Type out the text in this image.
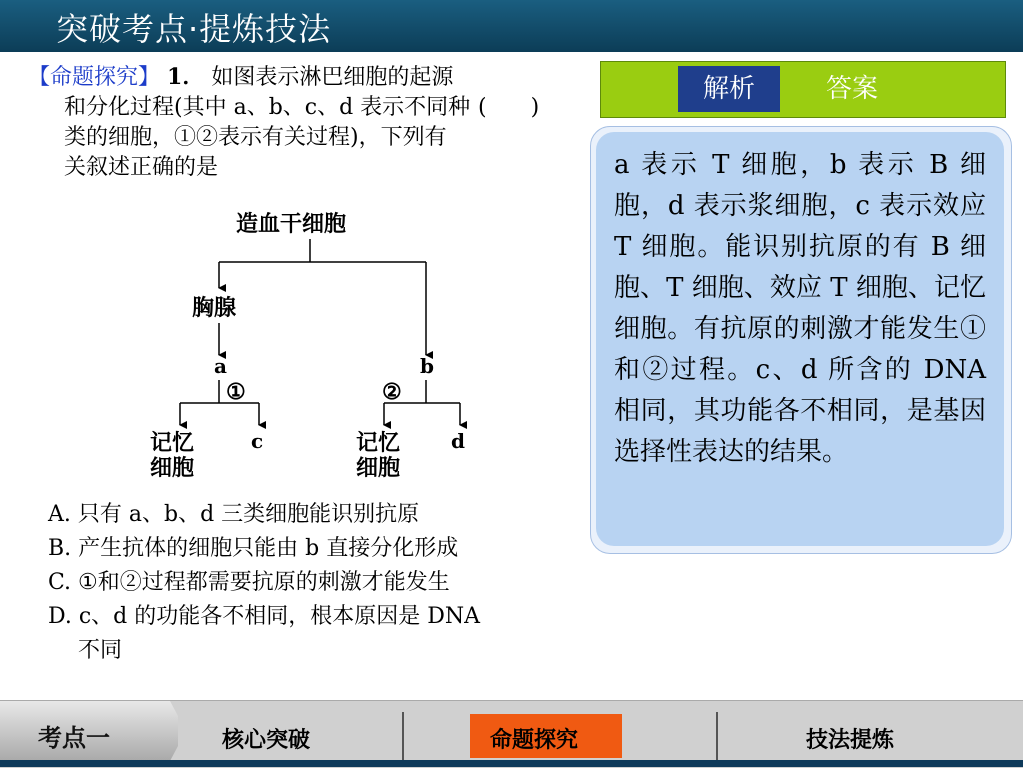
突破考点·提炼技法
【命题探究】 1． 如图表示淋巴细胞的起源
和分化过程(其中 a、b、c、d 表示不同种
类的细胞，①②表示有关过程)，下列有
关叙述正确的是
(　　)
造血干细胞
胸腺
a	b
①	②
记忆
细胞
c	记忆
细胞
d
A. 只有 a、b、d 三类细胞能识别抗原
B. 产生抗体的细胞只能由 b 直接分化形成
C. ①和②过程都需要抗原的刺激才能发生
D. c、d 的功能各不相同，根本原因是 DNA
不同
解析	答案
a 表示 T 细胞，b 表示 B 细胞，d 表示浆细胞，c 表示效应 T 细胞。能识别抗原的有 B 细胞、T 细胞、效应 T 细胞、记忆细胞。有抗原的刺激才能发生①和②过程。c、d 所含的 DNA 相同，其功能各不相同，是基因选择性表达的结果。
考点一	核心突破	命题探究	技法提炼
